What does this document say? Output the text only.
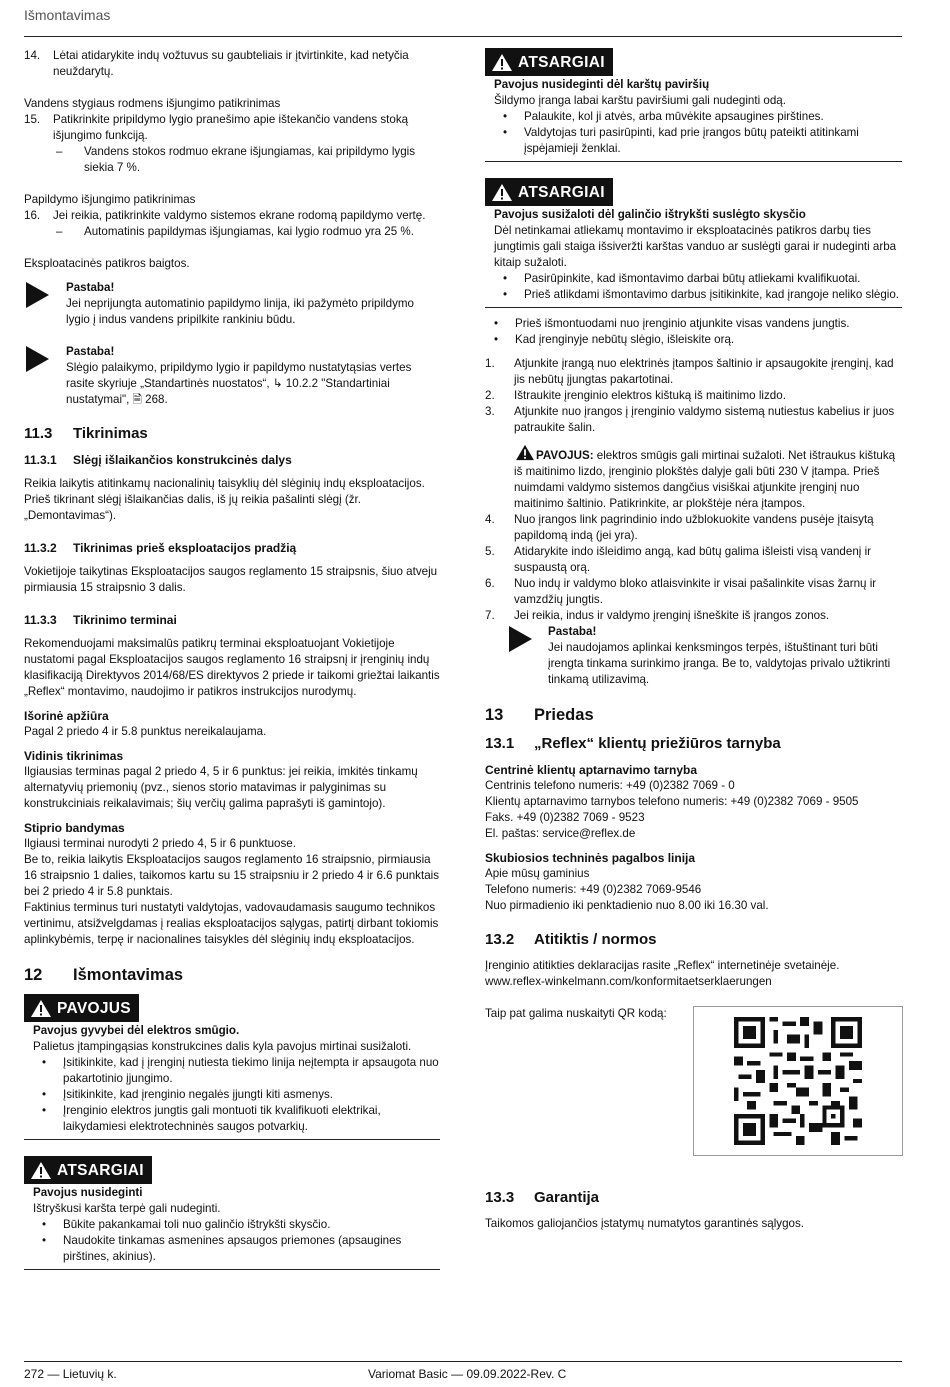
Išmontavimas
14. Lėtai atidarykite indų vožtuvus su gaubteliais ir įtvirtinkite, kad netyčia neuždarytų.

Vandens stygiaus rodmens išjungimo patikrinimas

15. Patikrinkite pripildymo lygio pranešimo apie ištekančio vandens stoką išjungimo funkciją.
– Vandens stokos rodmuo ekrane išjungiamas, kai pripildymo lygis siekia 7 %.

Papildymo išjungimo patikrinimas

16. Jei reikia, patikrinkite valdymo sistemos ekrane rodomą papildymo vertę.
– Automatinis papildymas išjungiamas, kai lygio rodmuo yra 25 %.

Eksploatacinės patikros baigtos.

Pastaba!

Jei neprijungta automatinio papildymo linija, iki pažymėto pripildymo lygio į indus vandens pripilkite rankiniu būdu.

Pastaba!

Slėgio palaikymo, pripildymo lygio ir papildymo nustatytąsias vertes rasite skyriuje „Standartinės nuostatos“, ↳ 10.2.2 "Standartiniai nustatymai", 🗎 268.

11.3 Tikrinimas
11.3.1 Slėgį išlaikančios konstrukcinės dalys

Reikia laikytis atitinkamų nacionalinių taisyklių dėl slėginių indų eksploatacijos. Prieš tikrinant slėgį išlaikančias dalis, iš jų reikia pašalinti slėgį (žr. „Demontavimas“).

11.3.2 Tikrinimas prieš eksploatacijos pradžią

Vokietijoje taikytinas Eksploatacijos saugos reglamento 15 straipsnis, šiuo atveju pirmiausia 15 straipsnio 3 dalis.

11.3.3 Tikrinimo terminai

Rekomenduojami maksimalūs patikrų terminai eksploatuojant Vokietijoje nustatomi pagal Eksploatacijos saugos reglamento 16 straipsnį ir įrenginių indų klasifikaciją Direktyvos 2014/68/ES direktyvos 2 priede ir taikomi griežtai laikantis „Reflex“ montavimo, naudojimo ir patikros instrukcijos nurodymų.

Išorinė apžiūra

Pagal 2 priedo 4 ir 5.8 punktus nereikalaujama.

Vidinis tikrinimas

Ilgiausias terminas pagal 2 priedo 4, 5 ir 6 punktus: jei reikia, imkitės tinkamų alternatyvių priemonių (pvz., sienos storio matavimas ir palyginimas su konstrukciniais reikalavimais; šių verčių galima paprašyti iš gamintojo).

Stiprio bandymas

Ilgiausi terminai nurodyti 2 priedo 4, 5 ir 6 punktuose.

Be to, reikia laikytis Eksploatacijos saugos reglamento 16 straipsnio, pirmiausia 16 straipsnio 1 dalies, taikomos kartu su 15 straipsniu ir 2 priedo 4 ir 6.6 punktais bei 2 priedo 4 ir 5.8 punktais.

Faktinius terminus turi nustatyti valdytojas, vadovaudamasis saugumo technikos vertinimu, atsižvelgdamas į realias eksploatacijos sąlygas, patirtį dirbant tokiomis aplinkybėmis, terpę ir nacionalines taisykles dėl slėginių indų eksploatacijos.

12 Išmontavimas
PAVOJUS

Pavojus gyvybei dėl elektros smūgio.

Palietus įtampingąsias konstrukcines dalis kyla pavojus mirtinai susižaloti.

• Įsitikinkite, kad į įrenginį nutiesta tiekimo linija neįtempta ir apsaugota nuo pakartotinio įjungimo.
• Įsitikinkite, kad įrenginio negalės įjungti kiti asmenys.
• Įrenginio elektros jungtis gali montuoti tik kvalifikuoti elektrikai, laikydamiesi elektrotechninės saugos potvarkių.
ATSARGIAI

Pavojus nusideginti

Ištryškusi karšta terpė gali nudeginti.

• Būkite pakankamai toli nuo galinčio ištrykšti skysčio.
• Naudokite tinkamas asmenines apsaugos priemones (apsaugines pirštines, akinius).
ATSARGIAI

Pavojus nusideginti dėl karštų paviršių

Šildymo įranga labai karštu paviršiumi gali nudeginti odą.

• Palaukite, kol ji atvės, arba mūvėkite apsaugines pirštines.
• Valdytojas turi pasirūpinti, kad prie įrangos būtų pateikti atitinkami įspėjamieji ženklai.
ATSARGIAI

Pavojus susižaloti dėl galinčio ištrykšti suslėgto skysčio

Dėl netinkamai atliekamų montavimo ir eksploatacinės patikros darbų ties jungtimis gali staiga išsiveržti karštas vanduo ar suslėgti garai ir nudeginti arba kitaip sužaloti.

• Pasirūpinkite, kad išmontavimo darbai būtų atliekami kvalifikuotai.
• Prieš atlikdami išmontavimo darbus įsitikinkite, kad įrangoje neliko slėgio.
• Prieš išmontuodami nuo įrenginio atjunkite visas vandens jungtis.
• Kad įrenginyje nebūtų slėgio, išleiskite orą.
1. Atjunkite įrangą nuo elektrinės įtampos šaltinio ir apsaugokite įrenginį, kad jis nebūtų įjungtas pakartotinai.
2. Ištraukite įrenginio elektros kištuką iš maitinimo lizdo.
3. Atjunkite nuo įrangos į įrenginio valdymo sistemą nutiestus kabelius ir juos patraukite šalin.
PAVOJUS: elektros smūgis gali mirtinai sužaloti. Net ištraukus kištuką iš maitinimo lizdo, įrenginio plokštės dalyje gali būti 230 V įtampa. Prieš nuimdami valdymo sistemos dangčius visiškai atjunkite įrenginį nuo maitinimo šaltinio. Patikrinkite, ar plokštėje nėra įtampos.
4. Nuo įrangos link pagrindinio indo užblokuokite vandens pusėje įtaisytą papildomą indą (jei yra).
5. Atidarykite indo išleidimo angą, kad būtų galima išleisti visą vandenį ir suspaustą orą.
6. Nuo indų ir valdymo bloko atlaisvinkite ir visai pašalinkite visas žarnų ir vamzdžių jungtis.
7. Jei reikia, indus ir valdymo įrenginį išneškite iš įrangos zonos.

Pastaba!

Jei naudojamos aplinkai kenksmingos terpės, ištuštinant turi būti įrengta tinkama surinkimo įranga. Be to, valdytojas privalo užtikrinti tinkamą utilizavimą.

13 Priedas
13.1 „Reflex“ klientų priežiūros tarnyba

Centrinė klientų aptarnavimo tarnyba

Centrinis telefono numeris: +49 (0)2382 7069 - 0

Klientų aptarnavimo tarnybos telefono numeris: +49 (0)2382 7069 - 9505

Faks. +49 (0)2382 7069 - 9523

El. paštas: service@reflex.de

Skubiosios techninės pagalbos linija

Apie mūsų gaminius

Telefono numeris: +49 (0)2382 7069-9546

Nuo pirmadienio iki penktadienio nuo 8.00 iki 16.30 val.

13.2 Atitiktis / normos

Įrenginio atitikties deklaracijas rasite „Reflex“ internetinėje svetainėje.

www.reflex-winkelmann.com/konformitaetserklaerungen

Taip pat galima nuskaityti QR kodą:

13.3 Garantija

Taikomos galiojančios įstatymų numatytos garantinės sąlygos.

272 — Lietuvių k.	Variomat Basic — 09.09.2022-Rev. C
